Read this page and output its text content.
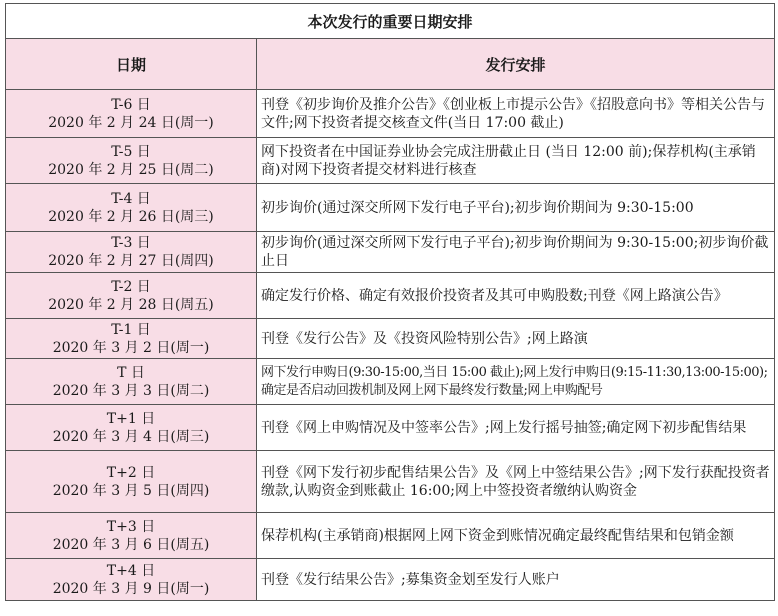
本次发行的重要日期安排	
日期	发行安排

T-6 日
2020 年 2 月 24 日(周一)	刊登《初步询价及推介公告》《创业板上市提示公告》《招股意向书》等相关公告与文件;网下投资者提交核查文件(当日 17:00 截止)

T-5 日
2020 年 2 月 25 日(周二)	网下投资者在中国证券业协会完成注册截止日 (当日 12:00 前);保荐机构(主承销商)对网下投资者提交材料进行核查

T-4 日
2020 年 2 月 26 日(周三)	初步询价(通过深交所网下发行电子平台);初步询价期间为 9:30-15:00

T-3 日
2020 年 2 月 27 日(周四)	初步询价(通过深交所网下发行电子平台);初步询价期间为 9:30-15:00;初步询价截止日

T-2 日
2020 年 2 月 28 日(周五)	确定发行价格、确定有效报价投资者及其可申购股数;刊登《网上路演公告》

T-1 日
2020 年 3 月 2 日(周一)	刊登《发行公告》及《投资风险特别公告》;网上路演

T 日
2020 年 3 月 3 日(周二)	网下发行申购日(9:30-15:00,当日 15:00 截止);网上发行申购日(9:15-11:30,13:00-15:00);确定是否启动回拨机制及网上网下最终发行数量;网上申购配号

T+1 日
2020 年 3 月 4 日(周三)	刊登《网上申购情况及中签率公告》;网上发行摇号抽签;确定网下初步配售结果

T+2 日
2020 年 3 月 5 日(周四)	刊登《网下发行初步配售结果公告》及《网上中签结果公告》;网下发行获配投资者缴款,认购资金到账截止 16:00;网上中签投资者缴纳认购资金

T+3 日
2020 年 3 月 6 日(周五)	保荐机构(主承销商)根据网上网下资金到账情况确定最终配售结果和包销金额

T+4 日
2020 年 3 月 9 日(周一)	刊登《发行结果公告》;募集资金划至发行人账户
